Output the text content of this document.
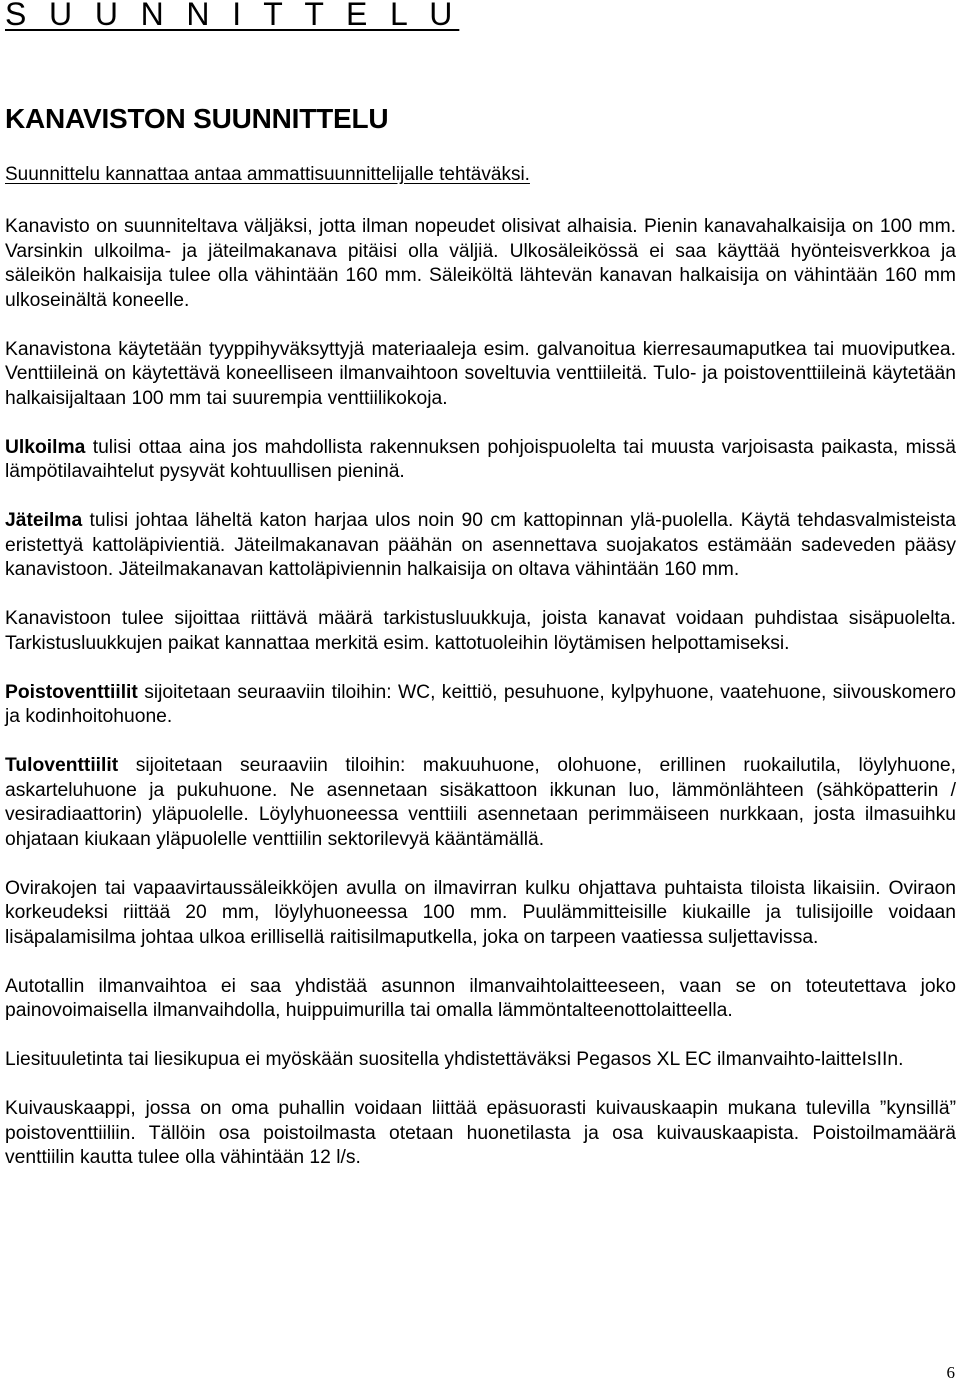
S U U N N I T T E L U
KANAVISTON SUUNNITTELU

Suunnittelu kannattaa antaa ammattisuunnittelijalle tehtäväksi.

Kanavisto on suunniteltava väljäksi, jotta ilman nopeudet olisivat alhaisia. Pienin kanavahalkaisija on 100 mm. Varsinkin ulkoilma- ja jäteilmakanava pitäisi olla väljiä. Ulkosäleikössä ei saa käyttää hyönteisverkkoa ja säleikön halkaisija tulee olla vähintään 160 mm. Säleiköltä lähtevän kanavan halkaisija on vähintään 160 mm ulkoseinältä koneelle.

Kanavistona käytetään tyyppihyväksyttyjä materiaaleja esim. galvanoitua kierresaumaputkea tai muoviputkea. Venttiileinä on käytettävä koneelliseen ilmanvaihtoon soveltuvia venttiileitä. Tulo- ja poistoventtiileinä käytetään halkaisijaltaan 100 mm tai suurempia venttiilikokoja.

Ulkoilma tulisi ottaa aina jos mahdollista rakennuksen pohjoispuolelta tai muusta varjoisasta paikasta, missä lämpötilavaihtelut pysyvät kohtuullisen pieninä.

Jäteilma tulisi johtaa läheltä katon harjaa ulos noin 90 cm kattopinnan ylä-puolella. Käytä tehdasvalmisteista eristettyä kattoläpivientiä. Jäteilmakanavan päähän on asennettava suojakatos estämään sadeveden pääsy kanavistoon. Jäteilmakanavan kattoläpiviennin halkaisija on oltava vähintään 160 mm.

Kanavistoon tulee sijoittaa riittävä määrä tarkistusluukkuja, joista kanavat voidaan puhdistaa sisäpuolelta. Tarkistusluukkujen paikat kannattaa merkitä esim. kattotuoleihin löytämisen helpottamiseksi.

Poistoventtiilit sijoitetaan seuraaviin tiloihin: WC, keittiö, pesuhuone, kylpyhuone, vaatehuone, siivouskomero ja kodinhoitohuone.

Tuloventtiilit sijoitetaan seuraaviin tiloihin: makuuhuone, olohuone, erillinen ruokailutila, löylyhuone, askarteluhuone ja pukuhuone. Ne asennetaan sisäkattoon ikkunan luo, lämmönlähteen (sähköpatterin / vesiradiaattorin) yläpuolelle. Löylyhuoneessa venttiili asennetaan perimmäiseen nurkkaan, josta ilmasuihku ohjataan kiukaan yläpuolelle venttiilin sektorilevyä kääntämällä.

Ovirakojen tai vapaavirtaussäleikköjen avulla on ilmavirran kulku ohjattava puhtaista tiloista likaisiin. Oviraon korkeudeksi riittää 20 mm, löylyhuoneessa 100 mm. Puulämmitteisille kiukaille ja tulisijoille voidaan lisäpalamisilma johtaa ulkoa erillisellä raitisilmaputkella, joka on tarpeen vaatiessa suljettavissa.

Autotallin ilmanvaihtoa ei saa yhdistää asunnon ilmanvaihtolaitteeseen, vaan se on toteutettava joko painovoimaisella ilmanvaihdolla, huippuimurilla tai omalla lämmöntalteenottolaitteella.

Liesituuletinta tai liesikupua ei myöskään suositella yhdistettäväksi Pegasos XL EC ilmanvaihto-laitteIsIIn.

Kuivauskaappi, jossa on oma puhallin voidaan liittää epäsuorasti kuivauskaapin mukana tulevilla ”kynsillä” poistoventtiiliin. Tällöin osa poistoilmasta otetaan huonetilasta ja osa kuivauskaapista. Poistoilmamäärä venttiilin kautta tulee olla vähintään 12 l/s.

6
